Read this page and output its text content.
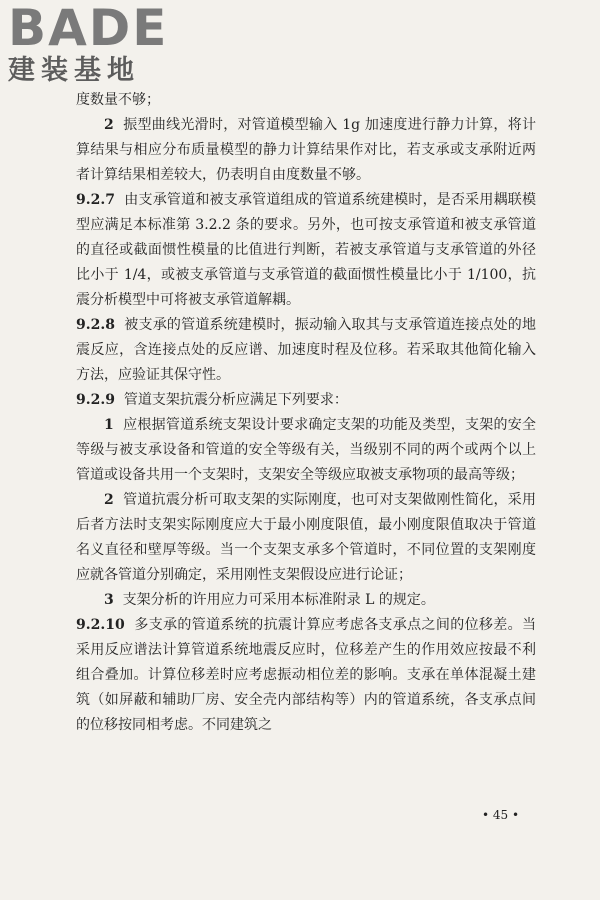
BADE
建装基地

度数量不够；

2 振型曲线光滑时，对管道模型输入 1g 加速度进行静力计算，将计算结果与相应分布质量模型的静力计算结果作对比，若支承或支承附近两者计算结果相差较大，仍表明自由度数量不够。

9.2.7 由支承管道和被支承管道组成的管道系统建模时，是否采用耦联模型应满足本标准第 3.2.2 条的要求。另外，也可按支承管道和被支承管道的直径或截面惯性模量的比值进行判断，若被支承管道与支承管道的外径比小于 1/4，或被支承管道与支承管道的截面惯性模量比小于 1/100，抗震分析模型中可将被支承管道解耦。

9.2.8 被支承的管道系统建模时，振动输入取其与支承管道连接点处的地震反应，含连接点处的反应谱、加速度时程及位移。若采取其他简化输入方法，应验证其保守性。

9.2.9 管道支架抗震分析应满足下列要求：

1 应根据管道系统支架设计要求确定支架的功能及类型，支架的安全等级与被支承设备和管道的安全等级有关，当级别不同的两个或两个以上管道或设备共用一个支架时，支架安全等级应取被支承物项的最高等级；

2 管道抗震分析可取支架的实际刚度，也可对支架做刚性简化，采用后者方法时支架实际刚度应大于最小刚度限值，最小刚度限值取决于管道名义直径和壁厚等级。当一个支架支承多个管道时，不同位置的支架刚度应就各管道分别确定，采用刚性支架假设应进行论证；

3 支架分析的许用应力可采用本标准附录 L 的规定。

9.2.10 多支承的管道系统的抗震计算应考虑各支承点之间的位移差。当采用反应谱法计算管道系统地震反应时，位移差产生的作用效应按最不利组合叠加。计算位移差时应考虑振动相位差的影响。支承在单体混凝土建筑（如屏蔽和辅助厂房、安全壳内部结构等）内的管道系统，各支承点间的位移按同相考虑。不同建筑之

• 45 •
